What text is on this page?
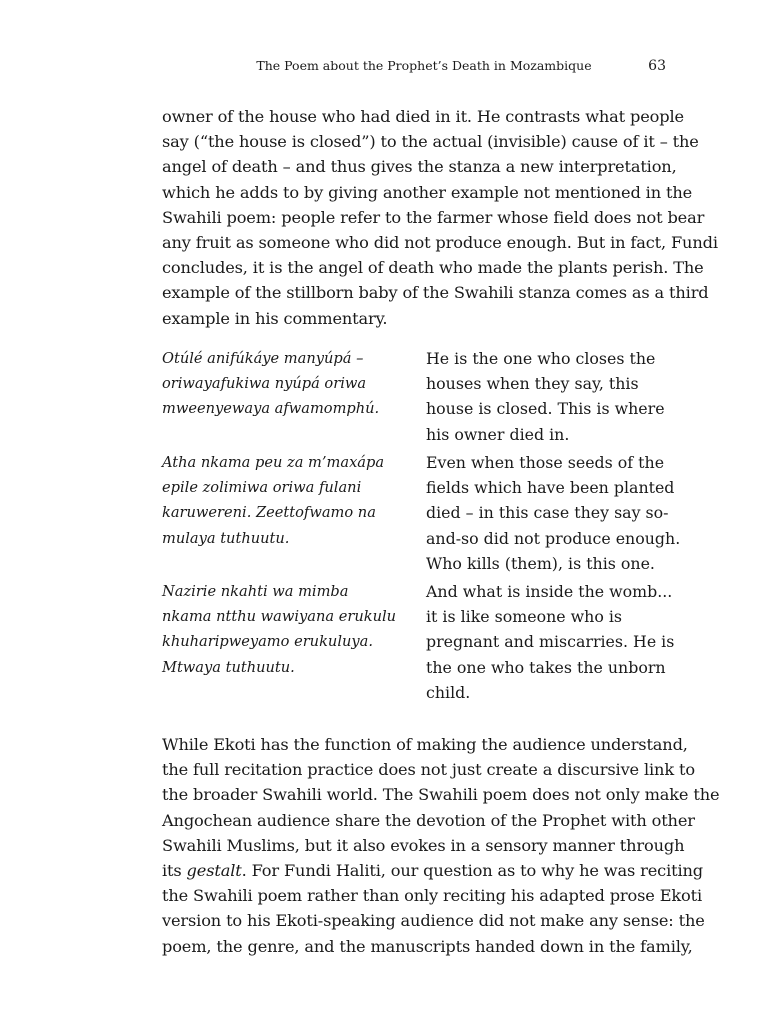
The Poem about the Prophet’s Death in Mozambique	63

owner of the house who had died in it. He contrasts what people
say (“the house is closed”) to the actual (invisible) cause of it – the
angel of death – and thus gives the stanza a new interpretation,
which he adds to by giving another example not mentioned in the
Swahili poem: people refer to the farmer whose field does not bear
any fruit as someone who did not produce enough. But in fact, Fundi
concludes, it is the angel of death who made the plants perish. The
example of the stillborn baby of the Swahili stanza comes as a third
example in his commentary.

Otúlé anifúkáye manyúpá –
oriwayafukiwa nyúpá oriwa
mweenyewaya afwamomphú.
He is the one who closes the
houses when they say, this
house is closed. This is where
his owner died in.
Atha nkama peu za m’maxápa
epile zolimiwa oriwa fulani
karuwereni. Zeettofwamo na
mulaya tuthuutu.
Even when those seeds of the
fields which have been planted
died – in this case they say so-
and-so did not produce enough.
Who kills (them), is this one.
Nazirie nkahti wa mimba
nkama ntthu wawiyana erukulu
khuharipweyamo erukuluya.
Mtwaya tuthuutu.
And what is inside the womb...
it is like someone who is
pregnant and miscarries. He is
the one who takes the unborn
child.

While Ekoti has the function of making the audience understand,
the full recitation practice does not just create a discursive link to
the broader Swahili world. The Swahili poem does not only make the
Angochean audience share the devotion of the Prophet with other
Swahili Muslims, but it also evokes in a sensory manner through
its gestalt. For Fundi Haliti, our question as to why he was reciting
the Swahili poem rather than only reciting his adapted prose Ekoti
version to his Ekoti-speaking audience did not make any sense: the
poem, the genre, and the manuscripts handed down in the family,
